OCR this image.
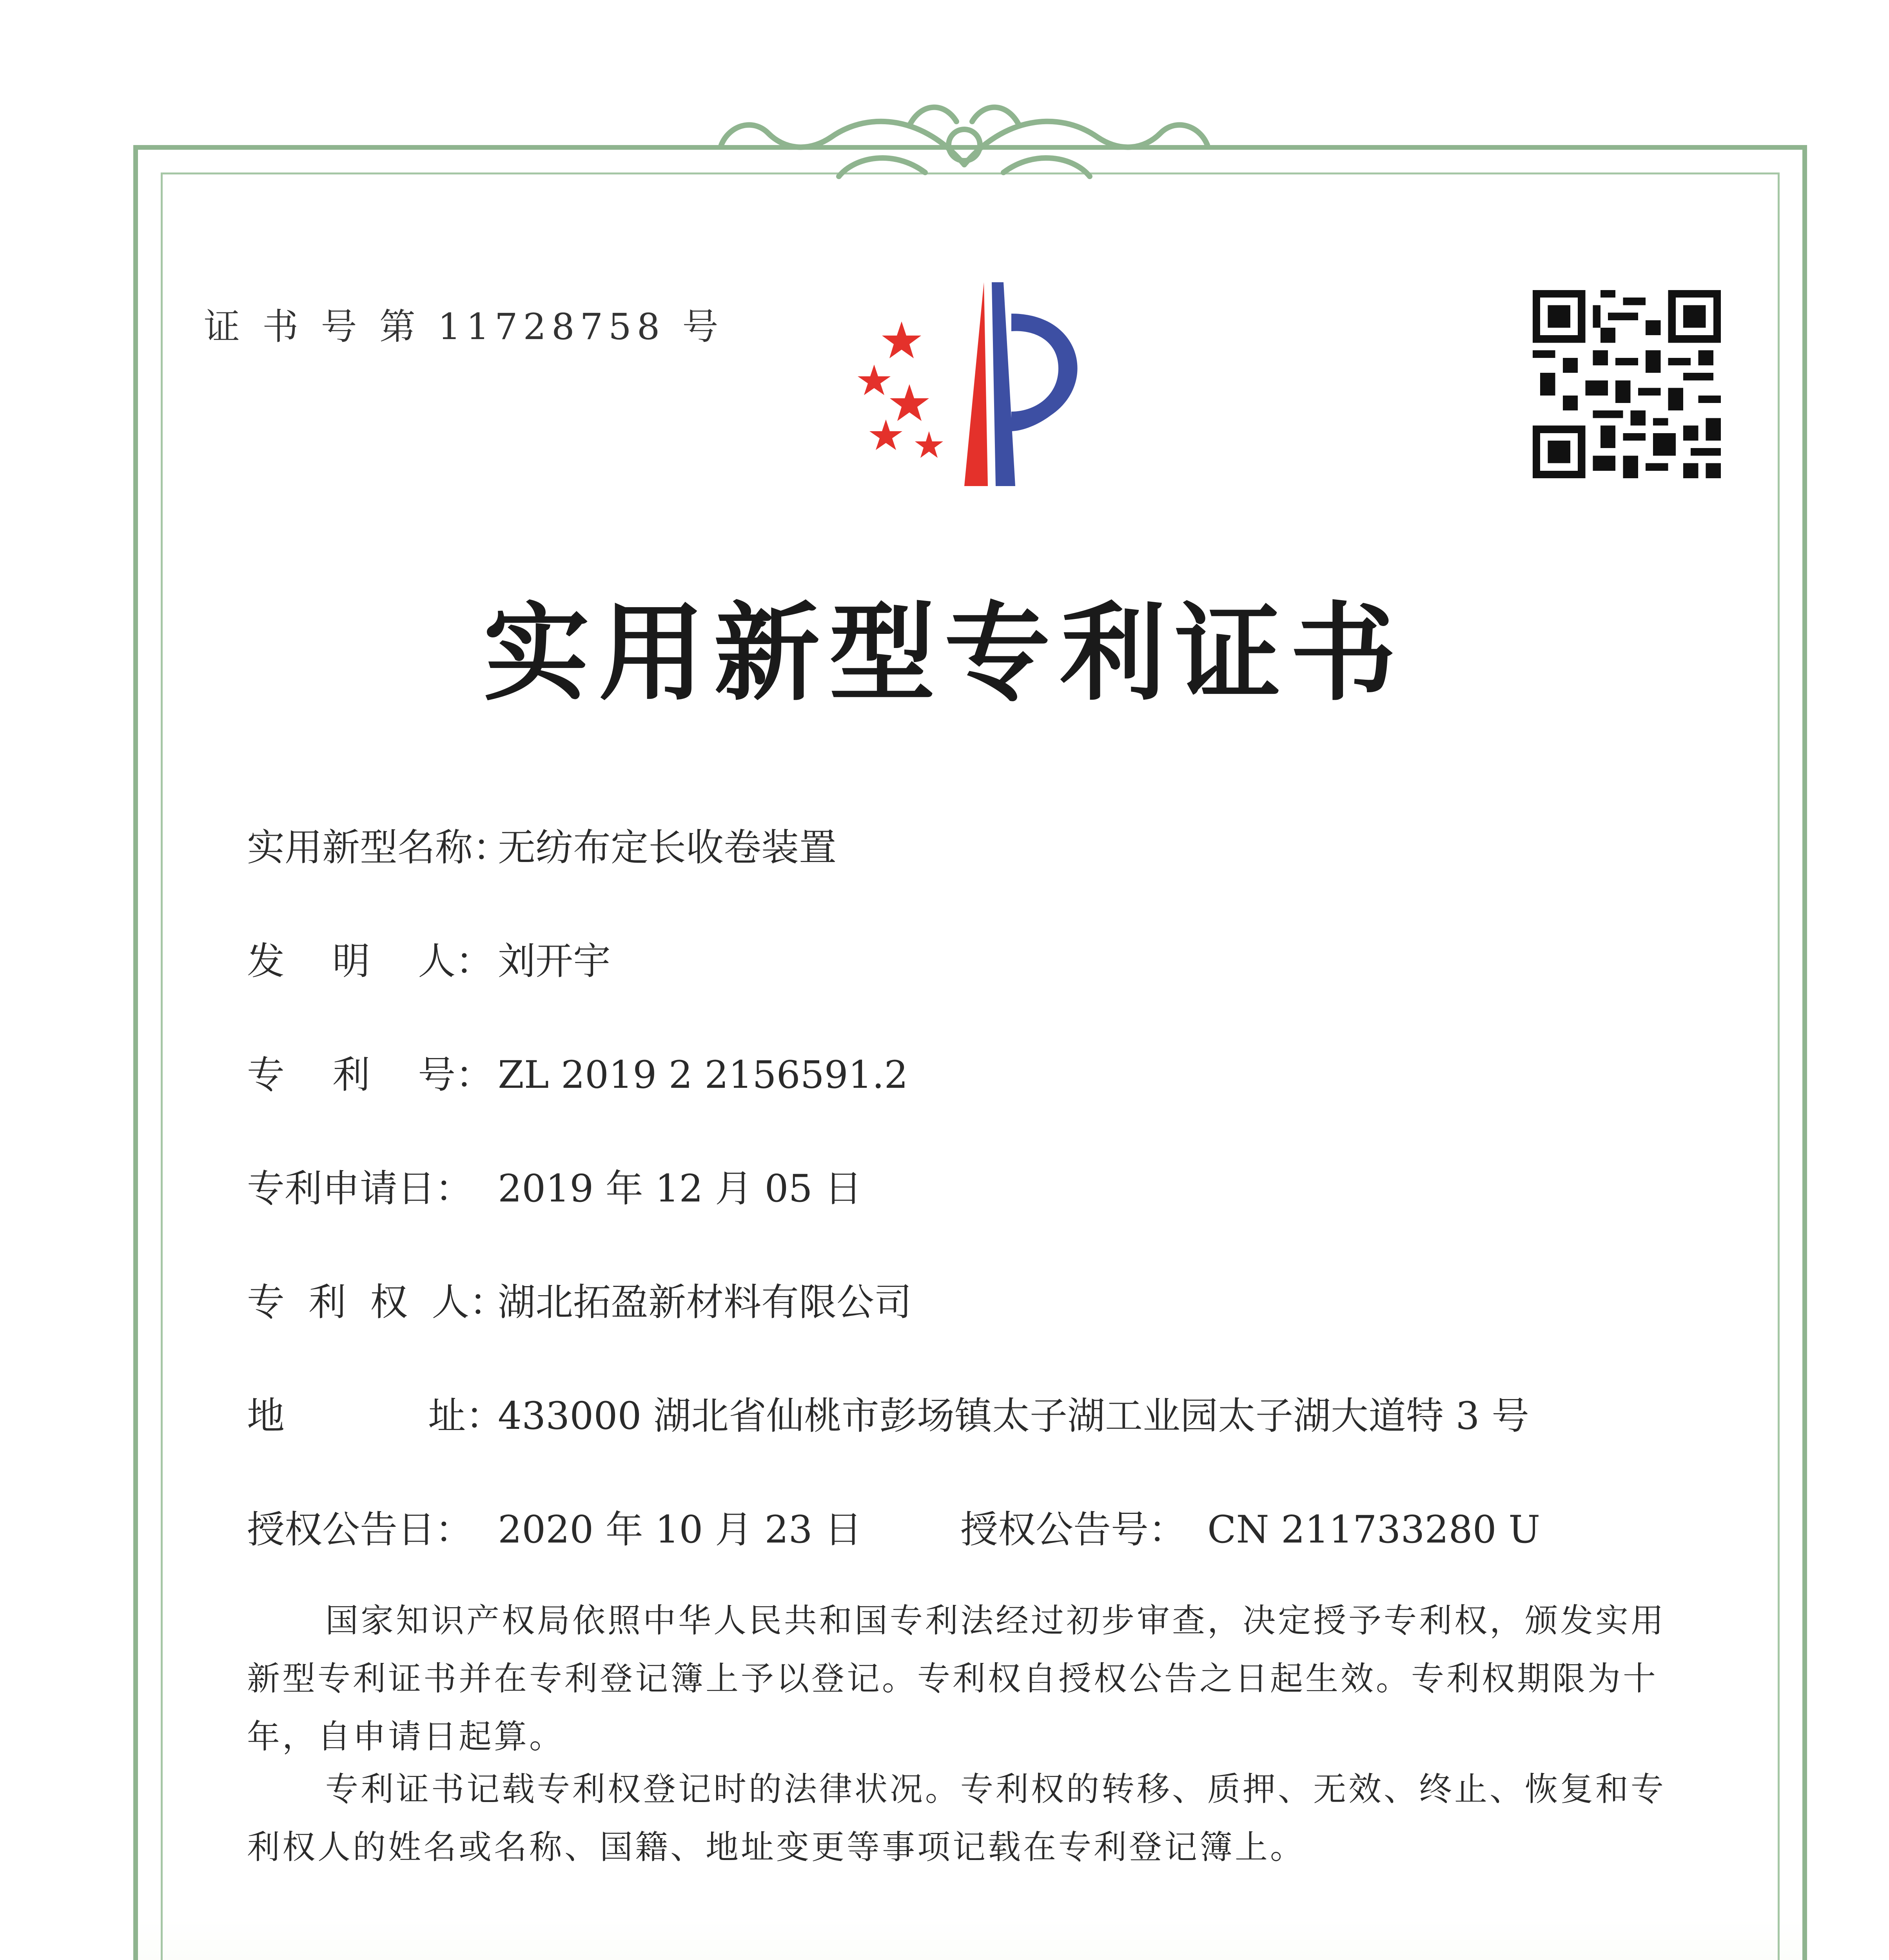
证 书 号 第 11728758 号
实用新型专利证书
实用新型名称：
无纺布定长收卷装置
发    明    人： 刘开宇
专    利    号： ZL 2019 2 2156591.2
专利申请日： 2019 年 12 月 05 日
专  利  权  人：
湖北拓盈新材料有限公司
地            址：
433000 湖北省仙桃市彭场镇太子湖工业园太子湖大道特 3 号
授权公告日： 2020 年 10 月 23 日	授权公告号： CN 211733280 U
国家知识产权局依照中华人民共和国专利法经过初步审查，决定授予专利权，颁发实用新型专利证书并在专利登记簿上予以登记。专利权自授权公告之日起生效。专利权期限为十年，自申请日起算。
专利证书记载专利权登记时的法律状况。专利权的转移、质押、无效、终止、恢复和专利权人的姓名或名称、国籍、地址变更等事项记载在专利登记簿上。
